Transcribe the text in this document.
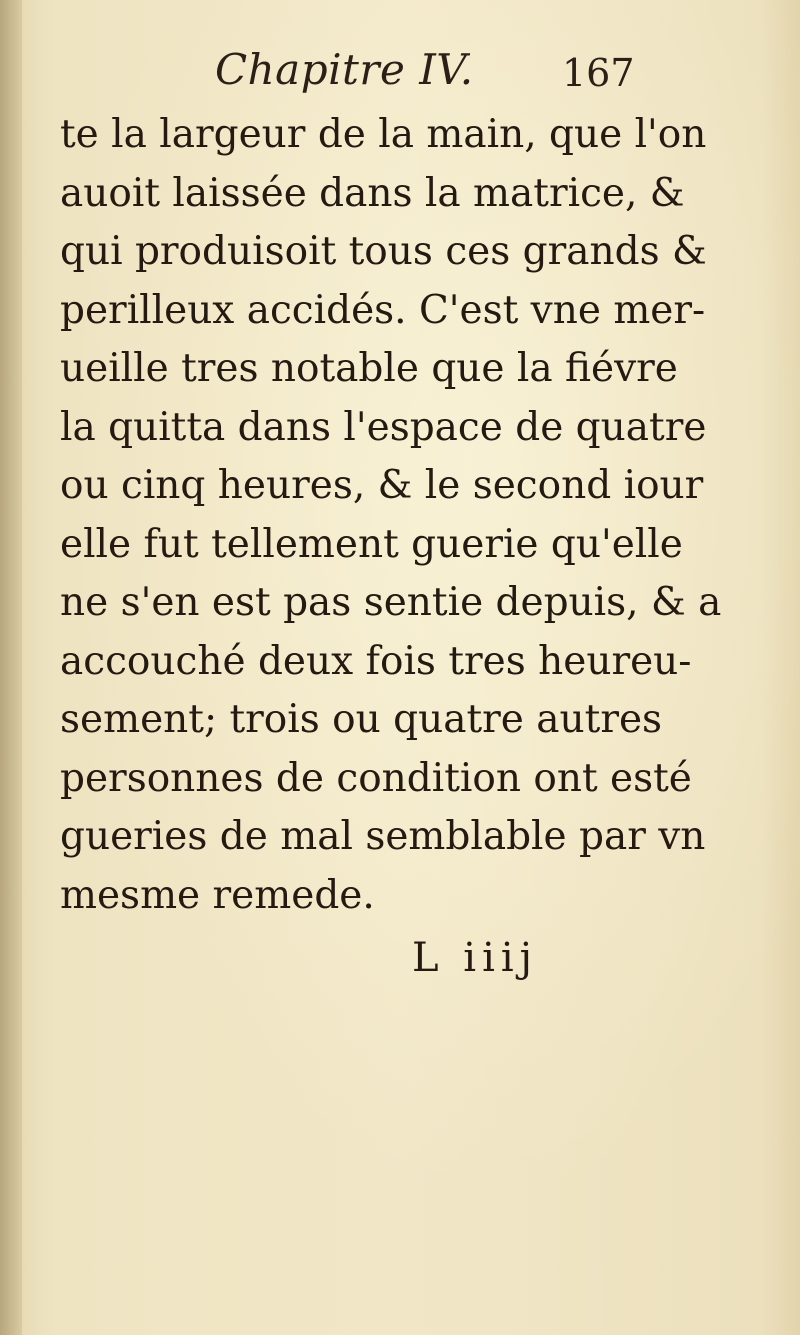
Chapitre IV. 167
te la largeur de la main, que l'on
auoit laissée dans la matrice, &
qui produisoit tous ces grands &
perilleux accidés. C'est vne mer-
ueille tres notable que la fiévre
la quitta dans l'espace de quatre
ou cinq heures, & le second iour
elle fut tellement guerie qu'elle
ne s'en est pas sentie depuis, & a
accouché deux fois tres heureu-
sement; trois ou quatre autres
personnes de condition ont esté
gueries de mal semblable par vn
mesme remede.
L iiij
